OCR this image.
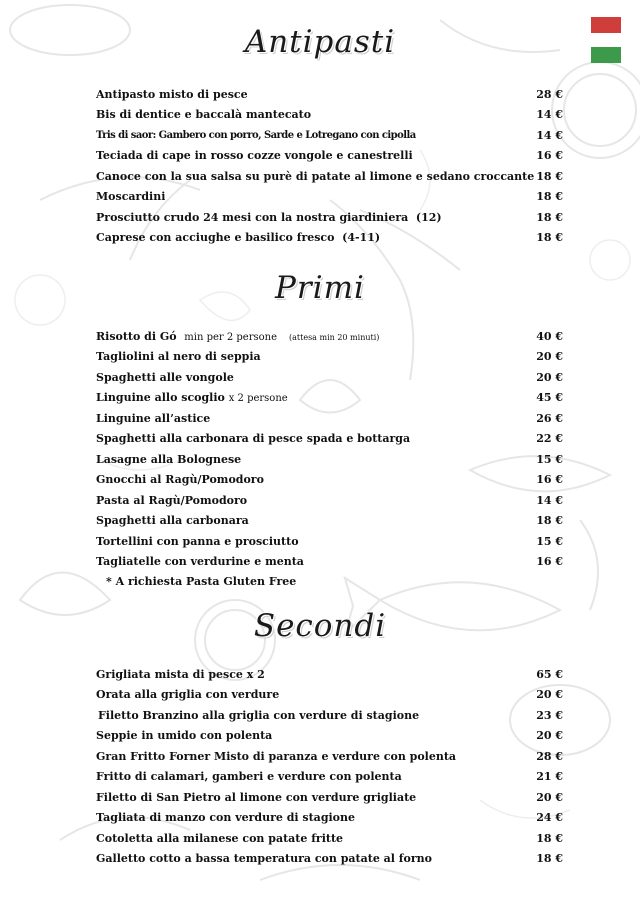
Antipasti
Antipasto misto di pesce	28 €
Bis di dentice e baccalà mantecato	14 €
Tris di saor: Gambero con porro, Sarde e Lotregano con cipolla	14 €
Teciada di cape in rosso cozze vongole e canestrelli	16 €
Canoce con la sua salsa su purè di patate al limone e sedano croccante 18 €
Moscardini	18 €
Prosciutto crudo 24 mesi con la nostra giardiniera  (12)	18 €
Caprese con acciughe e basilico fresco  (4-11)	18 €
Primi
Risotto di Gó min per 2 persone (attesa min 20 minuti)	40 €
Tagliolini al nero di seppia	20 €
Spaghetti alle vongole	20 €
Linguine allo scoglio x 2 persone	45 €
Linguine all’astice	26 €
Spaghetti alla carbonara di pesce spada e bottarga	22 €
Lasagne alla Bolognese	15 €
Gnocchi al Ragù/Pomodoro	16 €
Pasta al Ragù/Pomodoro	14 €
Spaghetti alla carbonara	18 €
Tortellini con panna e prosciutto	15 €
Tagliatelle con verdurine e menta	16 €
* A richiesta Pasta Gluten Free
Secondi
Grigliata mista di pesce x 2	65 €
Orata alla griglia con verdure	20 €
Filetto Branzino alla griglia con verdure di stagione	23 €
Seppie in umido con polenta	20 €
Gran Fritto Forner Misto di paranza e verdure con polenta	28 €
Fritto di calamari, gamberi e verdure con polenta	21 €
Filetto di San Pietro al limone con verdure grigliate	20 €
Tagliata di manzo con verdure di stagione	24 €
Cotoletta alla milanese con patate fritte	18 €
Galletto cotto a bassa temperatura con patate al forno	18 €
